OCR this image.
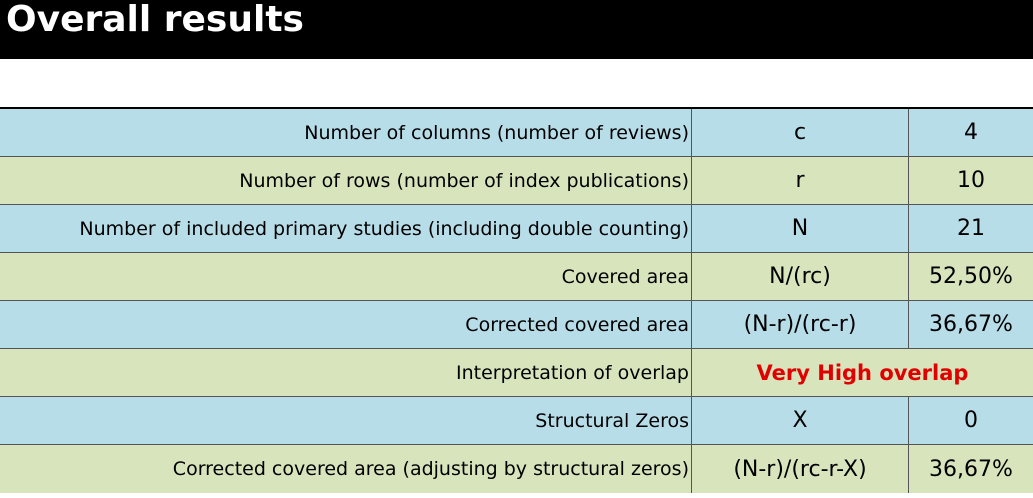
Overall results
Number of columns (number of reviews)	c	4
Number of rows (number of index publications)	r	10
Number of included primary studies (including double counting)	N	21
Covered area	N/(rc)	52,50%
Corrected covered area	(N-r)/(rc-r)	36,67%
Interpretation of overlap	Very High overlap
Structural Zeros	X	0
Corrected covered area (adjusting by structural zeros)	(N-r)/(rc-r-X)	36,67%
